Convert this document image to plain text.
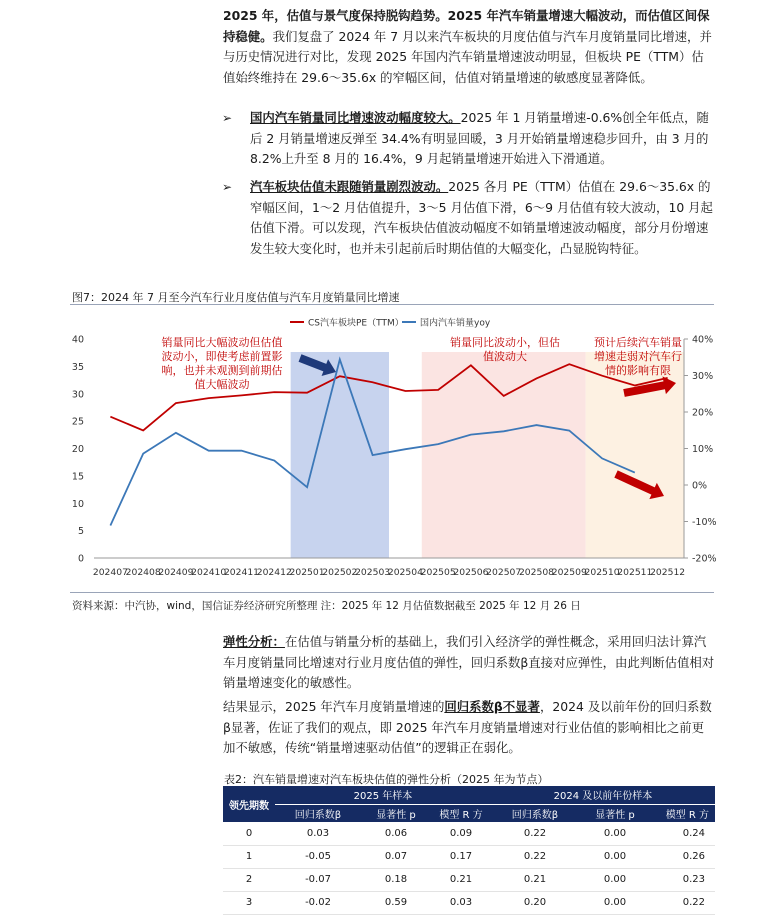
2025 年，估值与景气度保持脱钩趋势。2025 年汽车销量增速大幅波动，而估值区间保持稳健。我们复盘了 2024 年 7 月以来汽车板块的月度估值与汽车月度销量同比增速，并与历史情况进行对比，发现 2025 年国内汽车销量增速波动明显，但板块 PE（TTM）估值始终维持在 29.6～35.6x 的窄幅区间，估值对销量增速的敏感度显著降低。

➢ 国内汽车销量同比增速波动幅度较大。2025 年 1 月销量增速-0.6%创全年低点，随后 2 月销量增速反弹至 34.4%有明显回暖，3 月开始销量增速稳步回升，由 3 月的 8.2%上升至 8 月的 16.4%，9 月起销量增速开始进入下滑通道。

➢ 汽车板块估值未跟随销量剧烈波动。2025 各月 PE（TTM）估值在 29.6～35.6x 的窄幅区间，1～2 月估值提升，3～5 月估值下滑，6～9 月估值有较大波动，10 月起估值下滑。可以发现，汽车板块估值波动幅度不如销量增速波动幅度，部分月份增速发生较大变化时，也并未引起前后时期估值的大幅变化，凸显脱钩特征。

图7：2024 年 7 月至今汽车行业月度估值与汽车月度销量同比增速
0
5
10
15
20
25
30
35
40
-20%
-10%
0%
10%
20%
30%
40%
202407
202408
202409
202410
202411
202412
202501
202502
202503
202504
202505
202506
202507
202508
202509
202510
202511
202512
CS汽车板块PE（TTM） 国内汽车销量yoy
销量同比大幅波动但估值波动小，即使考虑前置影响，也并未观测到前期估值大幅波动
销量同比波动小，但估值波动大
预计后续汽车销量增速走弱对汽车行情的影响有限
资料来源：中汽协，wind，国信证券经济研究所整理 注：2025 年 12 月估值数据截至 2025 年 12 月 26 日

弹性分析：在估值与销量分析的基础上，我们引入经济学的弹性概念，采用回归法计算汽车月度销量同比增速对行业月度估值的弹性，回归系数β直接对应弹性，由此判断估值相对销量增速变化的敏感性。

结果显示，2025 年汽车月度销量增速的回归系数β不显著，2024 及以前年份的回归系数β显著，佐证了我们的观点，即 2025 年汽车月度销量增速对行业估值的影响相比之前更加不敏感，传统“销量增速驱动估值”的逻辑正在弱化。

表2：汽车销量增速对汽车板块估值的弹性分析（2025 年为节点）
领先期数	2025 年样本			2024 及以前年份样本		
	回归系数β	显著性 p	模型 R 方	回归系数β	显著性 p	模型 R 方
0	0.03	0.06	0.09	0.22	0.00	0.24
1	-0.05	0.07	0.17	0.22	0.00	0.26
2	-0.07	0.18	0.21	0.21	0.00	0.23
3	-0.02	0.59	0.03	0.20	0.00	0.22
